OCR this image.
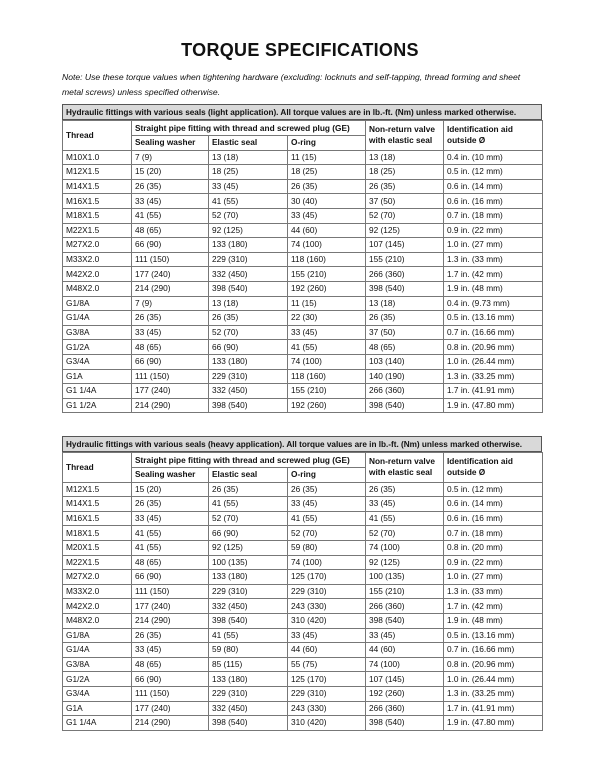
TORQUE SPECIFICATIONS
Note: Use these torque values when tightening hardware (excluding: locknuts and self-tapping, thread forming and sheet metal screws) unless specified otherwise.
Hydraulic fittings with various seals (light application). All torque values are in lb.-ft. (Nm) unless marked otherwise.
Thread	Straight pipe fitting with thread and screwed plug (GE)			Non-return valve with elastic seal	Identification aid outside Ø
	Sealing washer	Elastic seal	O-ring		
M10X1.0	7 (9)	13 (18)	11 (15)	13 (18)	0.4 in. (10 mm)
M12X1.5	15 (20)	18 (25)	18 (25)	18 (25)	0.5 in. (12 mm)
M14X1.5	26 (35)	33 (45)	26 (35)	26 (35)	0.6 in. (14 mm)
M16X1.5	33 (45)	41 (55)	30 (40)	37 (50)	0.6 in. (16 mm)
M18X1.5	41 (55)	52 (70)	33 (45)	52 (70)	0.7 in. (18 mm)
M22X1.5	48 (65)	92 (125)	44 (60)	92 (125)	0.9 in. (22 mm)
M27X2.0	66 (90)	133 (180)	74 (100)	107 (145)	1.0 in. (27 mm)
M33X2.0	111 (150)	229 (310)	118 (160)	155 (210)	1.3 in. (33 mm)
M42X2.0	177 (240)	332 (450)	155 (210)	266 (360)	1.7 in. (42 mm)
M48X2.0	214 (290)	398 (540)	192 (260)	398 (540)	1.9 in. (48 mm)
G1/8A	7 (9)	13 (18)	11 (15)	13 (18)	0.4 in. (9.73 mm)
G1/4A	26 (35)	26 (35)	22 (30)	26 (35)	0.5 in. (13.16 mm)
G3/8A	33 (45)	52 (70)	33 (45)	37 (50)	0.7 in. (16.66 mm)
G1/2A	48 (65)	66 (90)	41 (55)	48 (65)	0.8 in. (20.96 mm)
G3/4A	66 (90)	133 (180)	74 (100)	103 (140)	1.0 in. (26.44 mm)
G1A	111 (150)	229 (310)	118 (160)	140 (190)	1.3 in. (33.25 mm)
G1 1/4A	177 (240)	332 (450)	155 (210)	266 (360)	1.7 in. (41.91 mm)
G1 1/2A	214 (290)	398 (540)	192 (260)	398 (540)	1.9 in. (47.80 mm)
Hydraulic fittings with various seals (heavy application). All torque values are in lb.-ft. (Nm) unless marked otherwise.
Thread	Straight pipe fitting with thread and screwed plug (GE)			Non-return valve with elastic seal	Identification aid outside Ø
	Sealing washer	Elastic seal	O-ring		
M12X1.5	15 (20)	26 (35)	26 (35)	26 (35)	0.5 in. (12 mm)
M14X1.5	26 (35)	41 (55)	33 (45)	33 (45)	0.6 in. (14 mm)
M16X1.5	33 (45)	52 (70)	41 (55)	41 (55)	0.6 in. (16 mm)
M18X1.5	41 (55)	66 (90)	52 (70)	52 (70)	0.7 in. (18 mm)
M20X1.5	41 (55)	92 (125)	59 (80)	74 (100)	0.8 in. (20 mm)
M22X1.5	48 (65)	100 (135)	74 (100)	92 (125)	0.9 in. (22 mm)
M27X2.0	66 (90)	133 (180)	125 (170)	100 (135)	1.0 in. (27 mm)
M33X2.0	111 (150)	229 (310)	229 (310)	155 (210)	1.3 in. (33 mm)
M42X2.0	177 (240)	332 (450)	243 (330)	266 (360)	1.7 in. (42 mm)
M48X2.0	214 (290)	398 (540)	310 (420)	398 (540)	1.9 in. (48 mm)
G1/8A	26 (35)	41 (55)	33 (45)	33 (45)	0.5 in. (13.16 mm)
G1/4A	33 (45)	59 (80)	44 (60)	44 (60)	0.7 in. (16.66 mm)
G3/8A	48 (65)	85 (115)	55 (75)	74 (100)	0.8 in. (20.96 mm)
G1/2A	66 (90)	133 (180)	125 (170)	107 (145)	1.0 in. (26.44 mm)
G3/4A	111 (150)	229 (310)	229 (310)	192 (260)	1.3 in. (33.25 mm)
G1A	177 (240)	332 (450)	243 (330)	266 (360)	1.7 in. (41.91 mm)
G1 1/4A	214 (290)	398 (540)	310 (420)	398 (540)	1.9 in. (47.80 mm)
